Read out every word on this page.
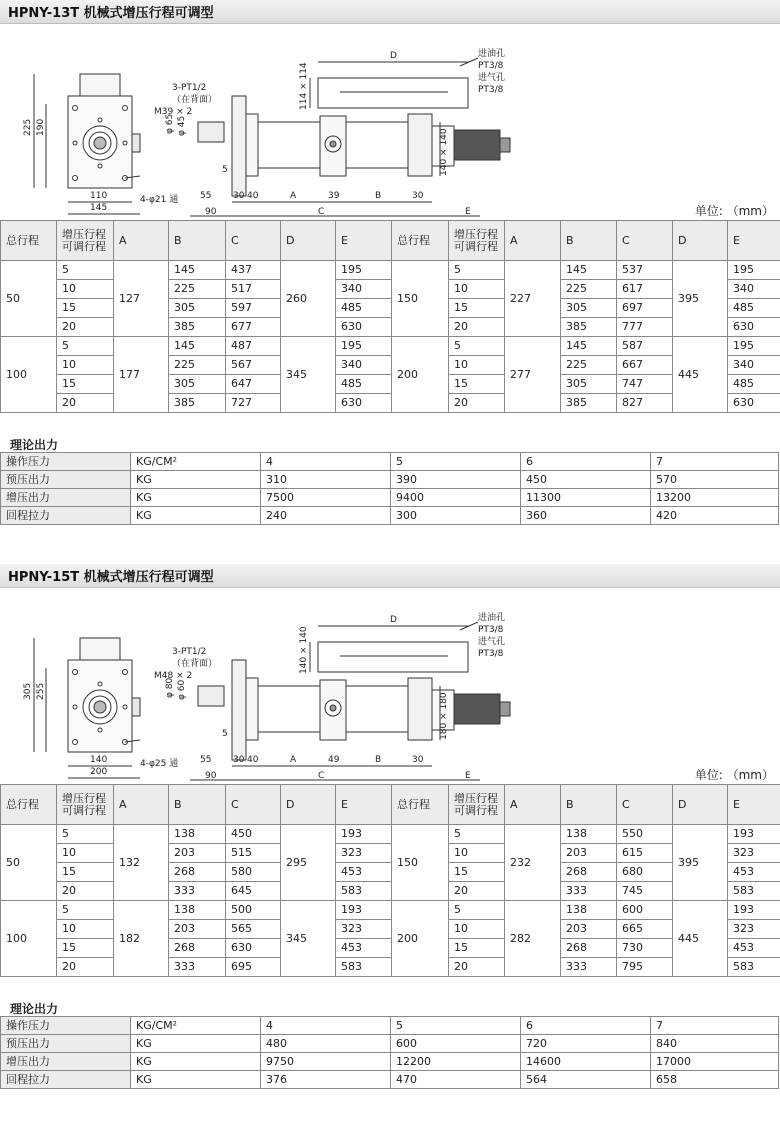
HPNY-13T 机械式增压行程可调型
225 190
110
145
4-φ21 通
3-PT1/2
（在背面）
M39 × 2
φ 65 φ 45
5
55 30 40	A	39	B	30
90	C	E
D
114 × 114
140 × 140
进油孔
PT3/8
进气孔
PT3/8
单位: （mm）
总行程	增压行程可调行程	A	B	C	D	E	总行程	增压行程可调行程	A	B	C	D	E
50	5	127	145	437	260	195	150	5	227	145	537	395	195
	10		225	517		340		10		225	617		340
	15		305	597		485		15		305	697		485
	20		385	677		630		20		385	777		630
100	5	177	145	487	345	195	200	5	277	145	587	445	195
	10		225	567		340		10		225	667		340
	15		305	647		485		15		305	747		485
	20		385	727		630		20		385	827		630
理论出力
操作压力	KG/CM²	4	5	6	7
预压出力	KG	310	390	450	570
增压出力	KG	7500	9400	11300	13200
回程拉力	KG	240	300	360	420
HPNY-15T 机械式增压行程可调型
305 255
140
200
4-φ25 通
3-PT1/2
（在背面）
M48 × 2
φ 80 φ 60
5
55 30 40	A	49	B	30
90	C	E
D
140 × 140
180 × 180
进油孔
PT3/8
进气孔
PT3/8
单位: （mm）
总行程	增压行程可调行程	A	B	C	D	E	总行程	增压行程可调行程	A	B	C	D	E
50	5	132	138	450	295	193	150	5	232	138	550	395	193
	10		203	515		323		10		203	615		323
	15		268	580		453		15		268	680		453
	20		333	645		583		20		333	745		583
100	5	182	138	500	345	193	200	5	282	138	600	445	193
	10		203	565		323		10		203	665		323
	15		268	630		453		15		268	730		453
	20		333	695		583		20		333	795		583
理论出力
操作压力	KG/CM²	4	5	6	7
预压出力	KG	480	600	720	840
增压出力	KG	9750	12200	14600	17000
回程拉力	KG	376	470	564	658
